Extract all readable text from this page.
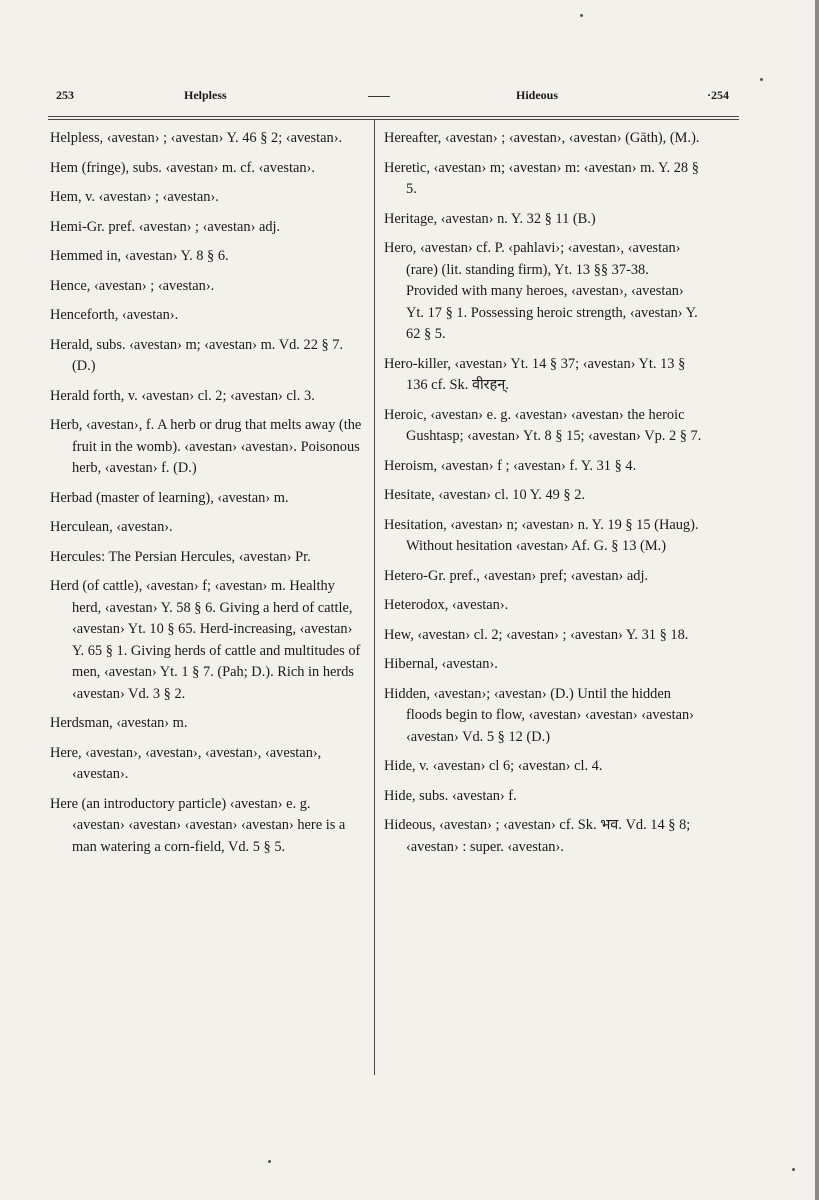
253	Helpless	Hideous	·254

Helpless, ‹avestan› ; ‹avestan› Y. 46 § 2; ‹avestan›.

Hem (fringe), subs. ‹avestan› m. cf. ‹avestan›.

Hem, v. ‹avestan› ; ‹avestan›.

Hemi-Gr. pref. ‹avestan› ; ‹avestan› adj.

Hemmed in, ‹avestan› Y. 8 § 6.

Hence, ‹avestan› ; ‹avestan›.

Henceforth, ‹avestan›.

Herald, subs. ‹avestan› m; ‹avestan› m. Vd. 22 § 7. (D.)

Herald forth, v. ‹avestan› cl. 2; ‹avestan› cl. 3.

Herb, ‹avestan›, f. A herb or drug that melts away (the fruit in the womb). ‹avestan› ‹avestan›. Poisonous herb, ‹avestan› f. (D.)

Herbad (master of learning), ‹avestan› m.

Herculean, ‹avestan›.

Hercules: The Persian Hercules, ‹avestan› Pr.

Herd (of cattle), ‹avestan› f; ‹avestan› m. Healthy herd, ‹avestan› Y. 58 § 6. Giving a herd of cattle, ‹avestan› Yt. 10 § 65. Herd-increasing, ‹avestan› Y. 65 § 1. Giving herds of cattle and multitudes of men, ‹avestan› Yt. 1 § 7. (Pah; D.). Rich in herds ‹avestan› Vd. 3 § 2.

Herdsman, ‹avestan› m.

Here, ‹avestan›, ‹avestan›, ‹avestan›, ‹avestan›, ‹avestan›.

Here (an introductory particle) ‹avestan› e. g. ‹avestan› ‹avestan› ‹avestan› ‹avestan› here is a man watering a corn-field, Vd. 5 § 5.

Hereafter, ‹avestan› ; ‹avestan›, ‹avestan› (Gāth), (M.).

Heretic, ‹avestan› m; ‹avestan› m: ‹avestan› m. Y. 28 § 5.

Heritage, ‹avestan› n. Y. 32 § 11 (B.)

Hero, ‹avestan› cf. P. ‹pahlavi›; ‹avestan›, ‹avestan› (rare) (lit. standing firm), Yt. 13 §§ 37-38. Provided with many heroes, ‹avestan›, ‹avestan› Yt. 17 § 1. Possessing heroic strength, ‹avestan› Y. 62 § 5.

Hero-killer, ‹avestan› Yt. 14 § 37; ‹avestan› Yt. 13 § 136 cf. Sk. वीरहन्.

Heroic, ‹avestan› e. g. ‹avestan› ‹avestan› the heroic Gushtasp; ‹avestan› Yt. 8 § 15; ‹avestan› Vp. 2 § 7.

Heroism, ‹avestan› f ; ‹avestan› f. Y. 31 § 4.

Hesitate, ‹avestan› cl. 10 Y. 49 § 2.

Hesitation, ‹avestan› n; ‹avestan› n. Y. 19 § 15 (Haug). Without hesitation ‹avestan› Af. G. § 13 (M.)

Hetero-Gr. pref., ‹avestan› pref; ‹avestan› adj.

Heterodox, ‹avestan›.

Hew, ‹avestan› cl. 2; ‹avestan› ; ‹avestan› Y. 31 § 18.

Hibernal, ‹avestan›.

Hidden, ‹avestan›; ‹avestan› (D.) Until the hidden floods begin to flow, ‹avestan› ‹avestan› ‹avestan› ‹avestan› Vd. 5 § 12 (D.)

Hide, v. ‹avestan› cl 6; ‹avestan› cl. 4.

Hide, subs. ‹avestan› f.

Hideous, ‹avestan› ; ‹avestan› cf. Sk. भव. Vd. 14 § 8; ‹avestan› : super. ‹avestan›.
